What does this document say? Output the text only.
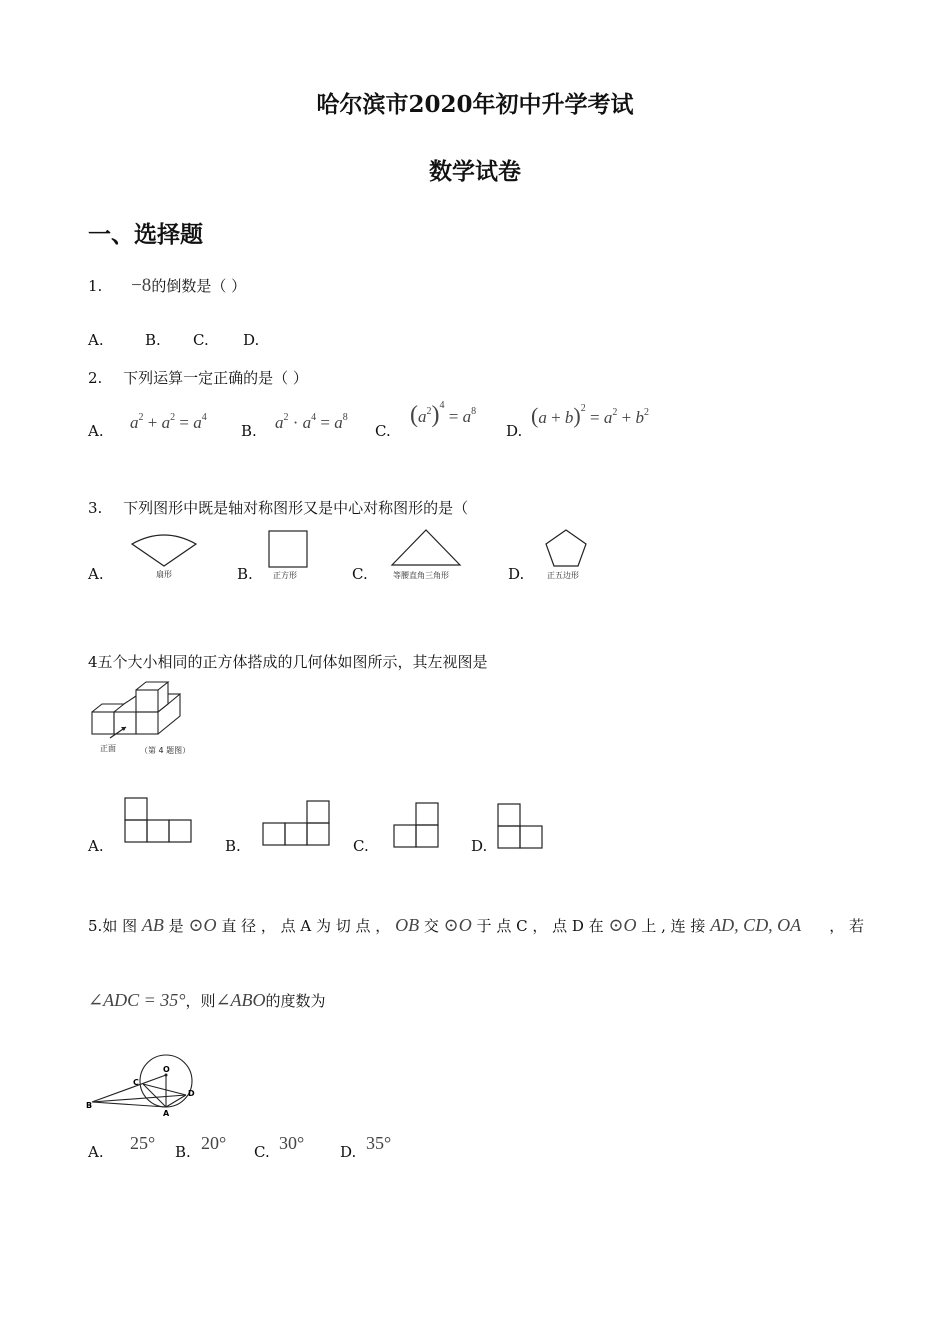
哈尔滨市2020年初中升学考试
数学试卷
一、选择题
1. −8的倒数是（ ）
A.	B. C. D.
2. 下列运算一定正确的是（ ）
A. $a^2 + a^2 = a^4$
B. $a^2 \cdot a^4 = a^8$
C.
$(a^2)^4 = a^8$
D.
$(a + b)^2 = a^2 + b^2$
3. 下列图形中既是轴对称图形又是中心对称图形的是（
A.	扇形	B.	正方形	C.	等腰直角三角形	D.	正五边形
4五个大小相同的正方体搭成的几何体如图所示，其左视图是
正面	（第 4 题图）
A.	B.	C.	D.
5.如 图 AB 是 ⊙O 直 径 ， 点 A 为 切 点 ， OB 交 ⊙O 于 点 C ， 点 D 在 ⊙O 上 , 连 接 AD, CD, OA ， 若
∠ADC = 35°，则∠ABO的度数为
O
C
D
B
A
A. 25° B. 20° C. 30° D. 35°
